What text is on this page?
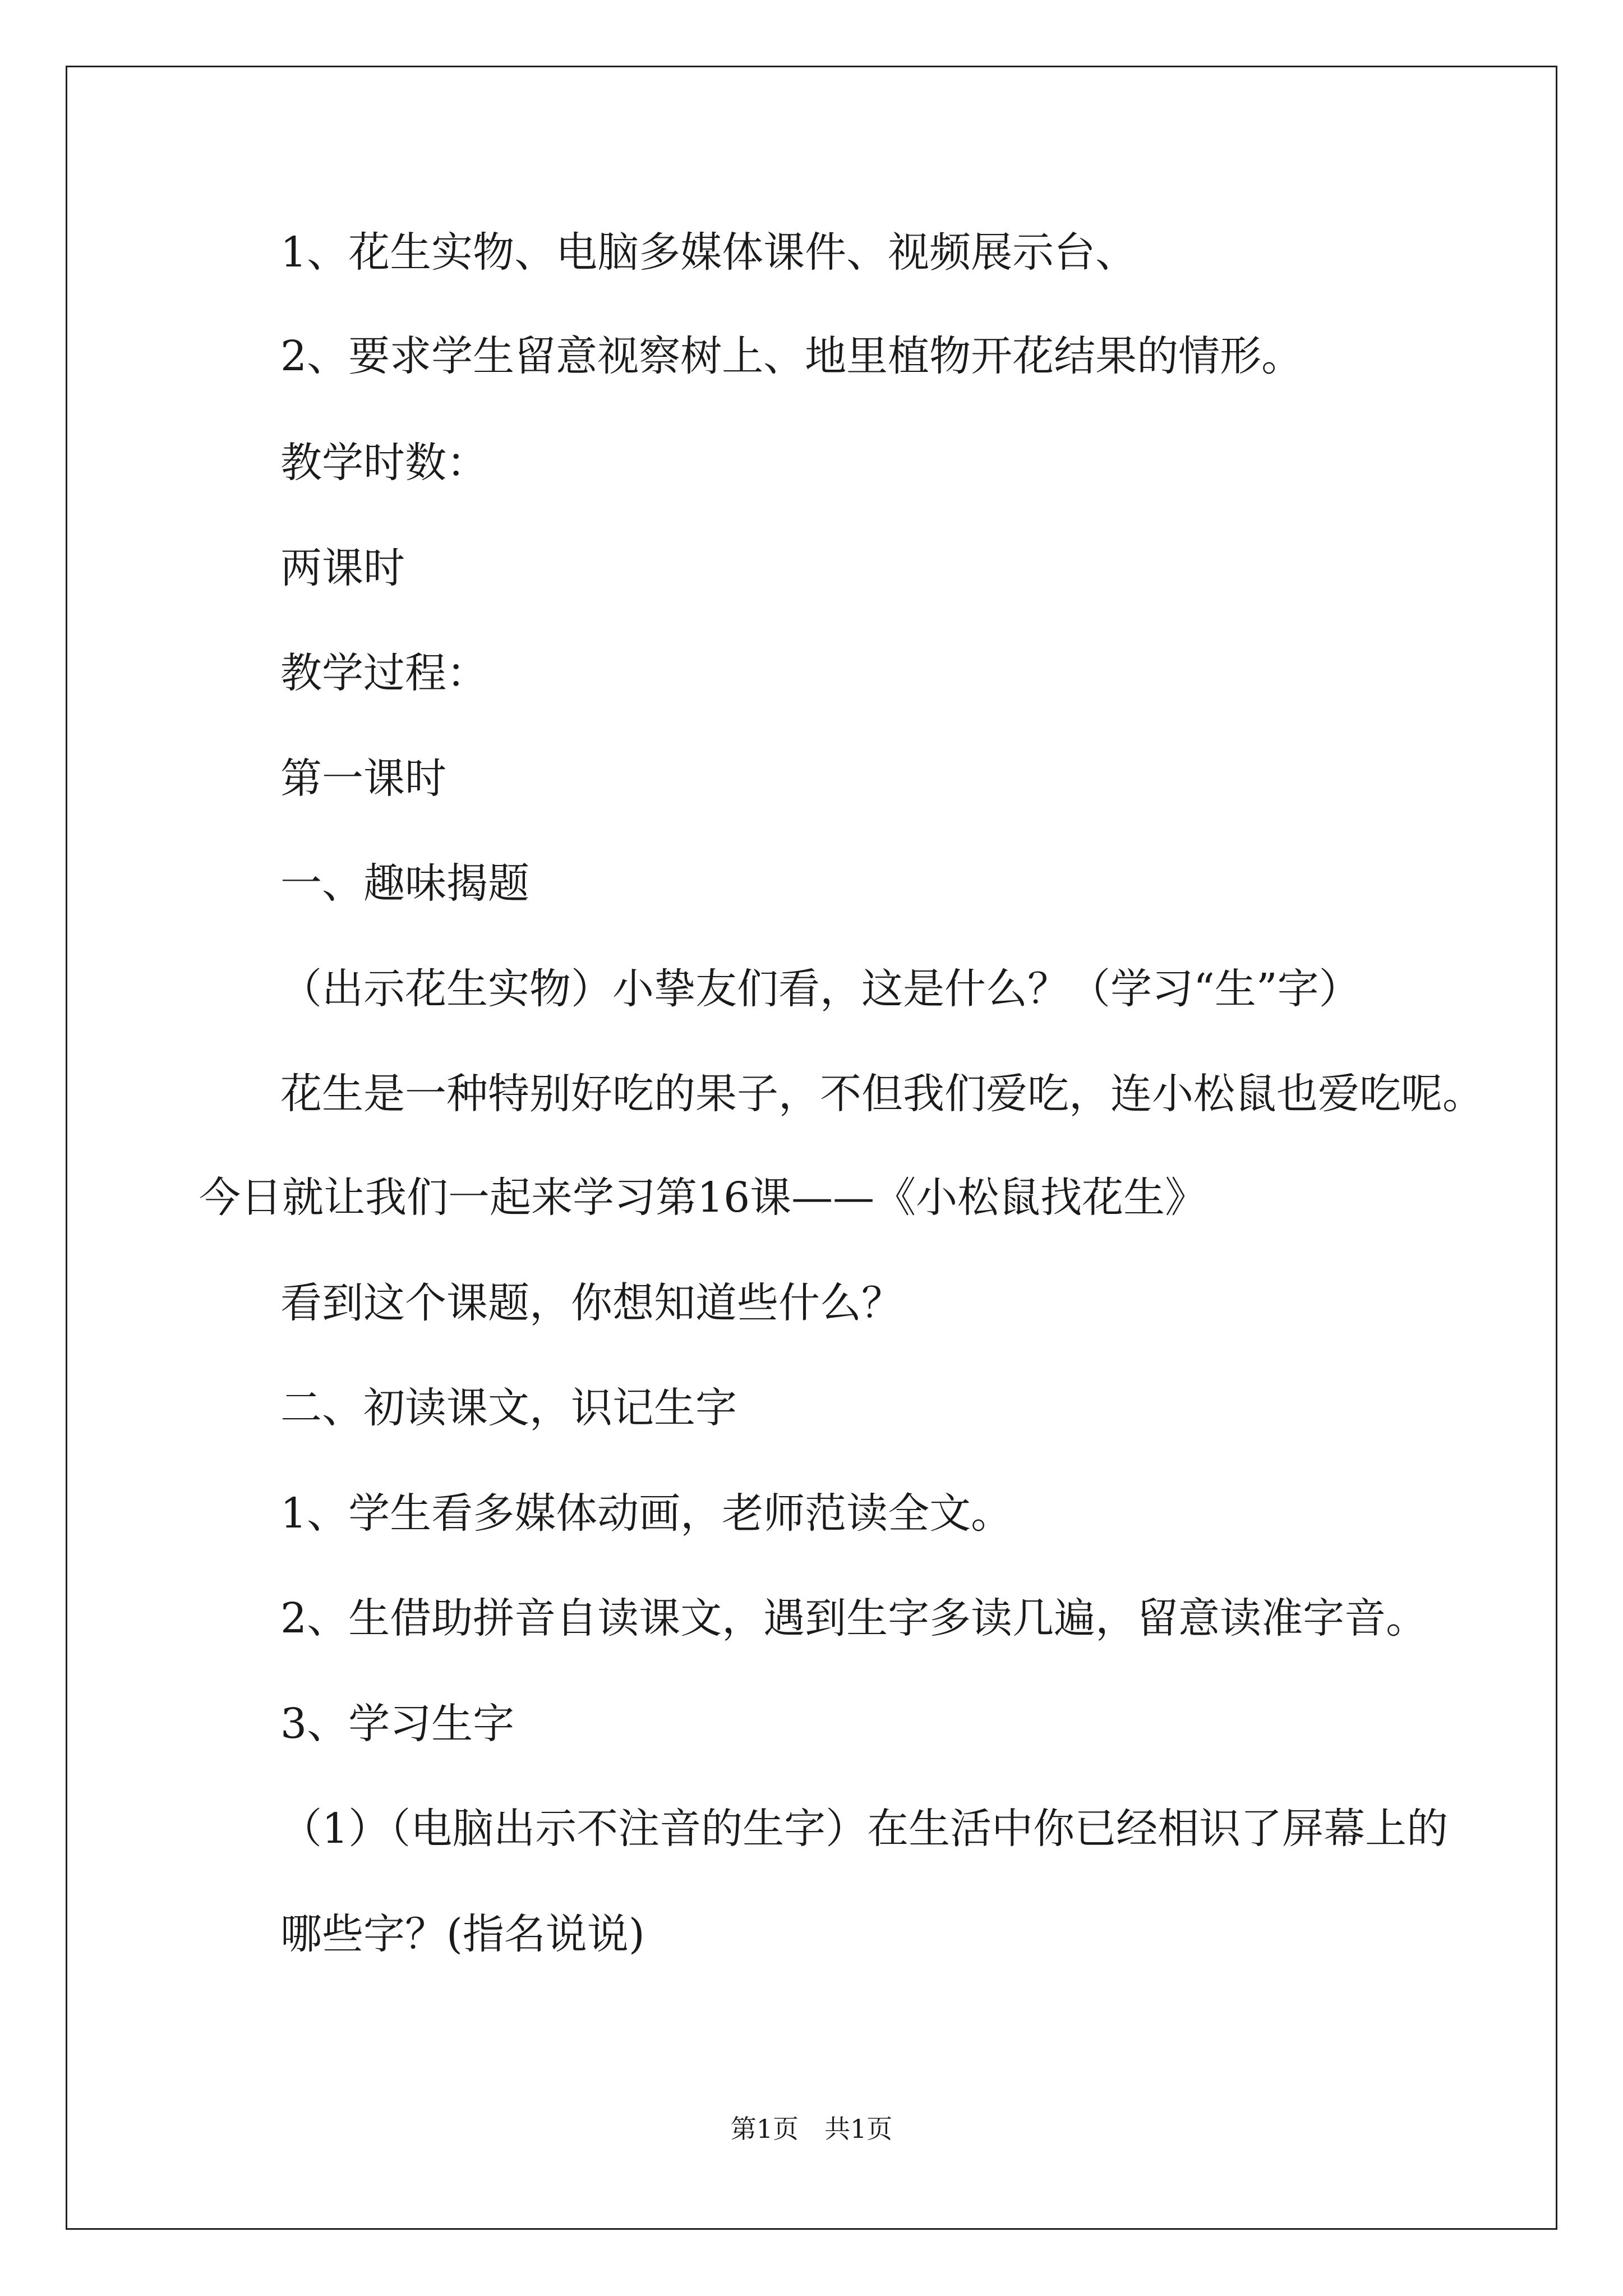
1、花生实物、电脑多媒体课件、视频展示台、
2、要求学生留意视察树上、地里植物开花结果的情形。
教学时数：
两课时
教学过程：
第一课时
一、趣味揭题
（出示花生实物）小挚友们看，这是什么？（学习“生”字）
花生是一种特别好吃的果子，不但我们爱吃，连小松鼠也爱吃呢。
今日就让我们一起来学习第16课——《小松鼠找花生》
看到这个课题，你想知道些什么？
二、初读课文，识记生字
1、学生看多媒体动画，老师范读全文。
2、生借助拼音自读课文，遇到生字多读几遍，留意读准字音。
3、学习生字
（1）（电脑出示不注音的生字）在生活中你已经相识了屏幕上的
哪些字？(指名说说)
第1页　共1页
